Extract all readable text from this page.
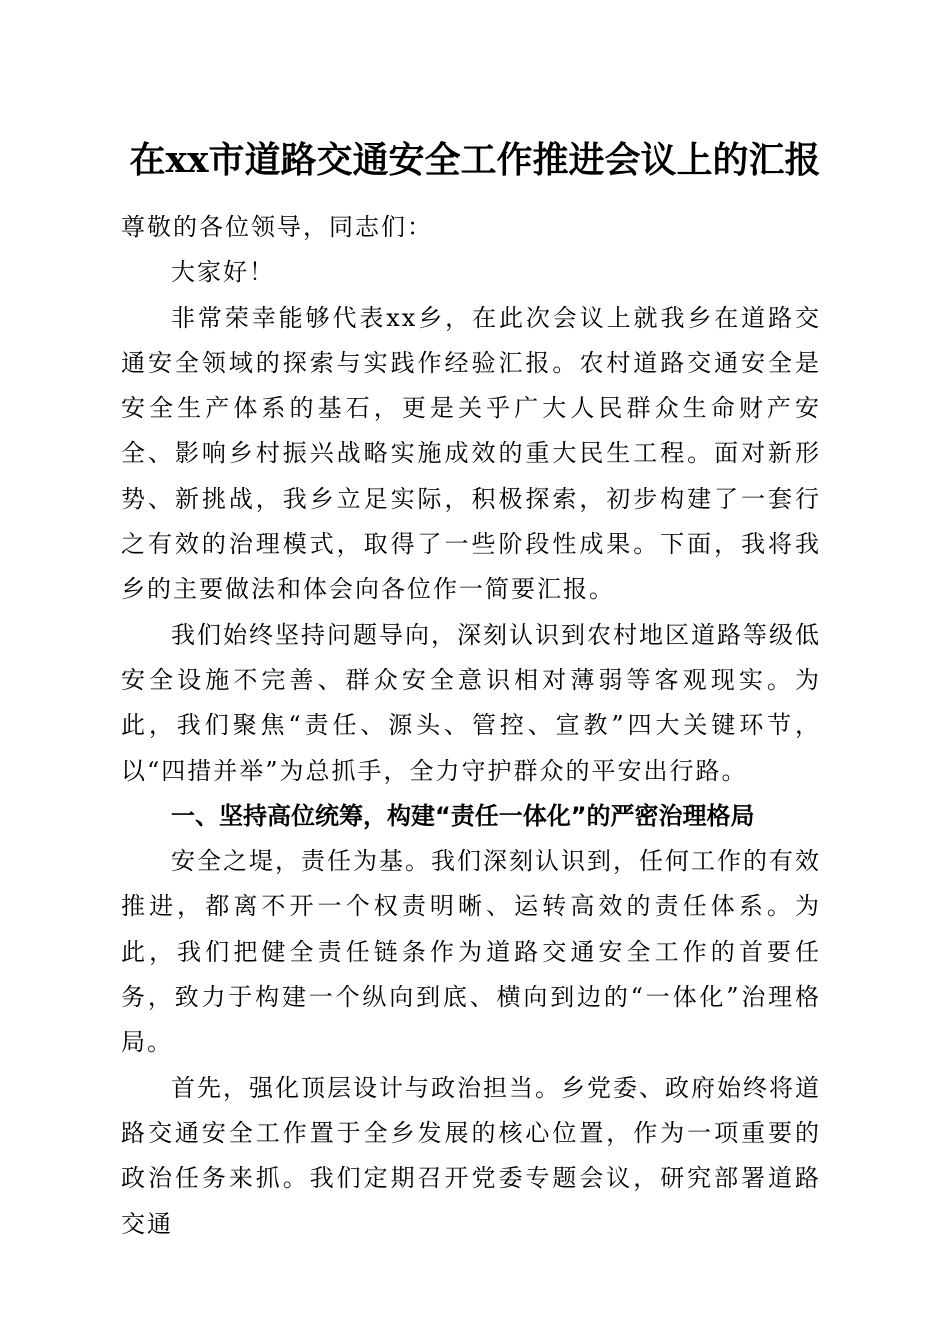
在xx市道路交通安全工作推进会议上的汇报

尊敬的各位领导，同志们：

大家好！

非常荣幸能够代表xx乡，在此次会议上就我乡在道路交通安全领域的探索与实践作经验汇报。农村道路交通安全是安全生产体系的基石，更是关乎广大人民群众生命财产安全、影响乡村振兴战略实施成效的重大民生工程。面对新形势、新挑战，我乡立足实际，积极探索，初步构建了一套行之有效的治理模式，取得了一些阶段性成果。下面，我将我乡的主要做法和体会向各位作一简要汇报。

我们始终坚持问题导向，深刻认识到农村地区道路等级低安全设施不完善、群众安全意识相对薄弱等客观现实。为此，我们聚焦“责任、源头、管控、宣教”四大关键环节，以“四措并举”为总抓手，全力守护群众的平安出行路。

一、坚持高位统筹，构建“责任一体化”的严密治理格局

安全之堤，责任为基。我们深刻认识到，任何工作的有效推进，都离不开一个权责明晰、运转高效的责任体系。为此，我们把健全责任链条作为道路交通安全工作的首要任务，致力于构建一个纵向到底、横向到边的“一体化”治理格局。

首先，强化顶层设计与政治担当。乡党委、政府始终将道路交通安全工作置于全乡发展的核心位置，作为一项重要的政治任务来抓。我们定期召开党委专题会议，研究部署道路交通
